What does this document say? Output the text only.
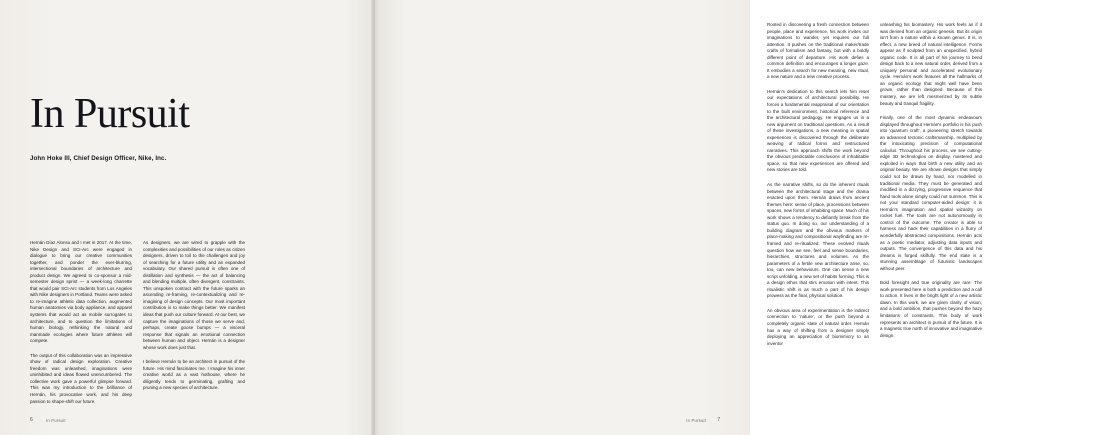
In Pursuit
John Hoke III, Chief Design Officer, Nike, Inc.

Hernán Díaz Alonso and I met in 2017. At the time, Nike Design and SCI-Arc were engaged in dialogue to bring our creative communities together, and ponder the ever-blurring, intersectional boundaries of architecture and product design. We agreed to co-sponsor a mid-semester design sprint — a week-long charrette that would pair SCI-Arc students from Los Angeles with Nike designers in Portland. Teams were asked to re-imagine athletic data collection, augmented human anatomies via body appliance, and apparel systems that would act as mobile surrogates to architecture, and to question the limitations of human biology, rethinking the natural and manmade ecologies where future athletes will compete.

The output of this collaboration was an impressive show of radical design exploration. Creative freedom was unleashed, imaginations were uninhibited and ideas flowed unencumbered. The collective work gave a powerful glimpse forward. This was my introduction to the brilliance of Hernán, his provocative work, and his deep passion to shape-shift our future.

As designers, we are wired to grapple with the complexities and possibilities of our roles as citizen designers, driven to toil to the challenges and joy of searching for a future utility and an expanded vocabulary. Our shared pursuit is often one of distillation and synthesis — the act of balancing and blending multiple, often divergent, constraints. This unspoken contract with the future sparks an ascending re-framing, re-contextualizing and re-imagining of design concepts. Our most important contribution is to make things better. We manifest ideas that push our culture forward. At our best, we capture the imaginations of those we serve and, perhaps, create goose bumps — a visceral response that signals an emotional connection between human and object. Hernán is a designer whose work does just that.

I believe Hernán to be an architect in pursuit of the future. His mind fascinates me. I imagine his inner creative world as a vast hothouse, where he diligently tends to germinating, grafting and pruning a new species of architecture.

6	In Pursuit

Rooted in discovering a fresh connection between people, place and experience, his work invites our imaginations to wander, yet requires our full attention. It pushes on the traditional maker/trade crafts of formalism and fantasy, but with a boldly different point of departure. His work defies a common definition and encourages a longer gaze. It embodies a search for new meaning, new ritual, a new nature and a new creative process.

Hernán's dedication to this search lets him reset our expectations of architectural possibility. He forces a fundamental reappraisal of our orientation to the built environment, historical reference and the architectural pedagogy. He engages us in a new argument on traditional questions. As a result of these investigations, a new meaning in spatial experiences is discovered through the deliberate weaving of radical forms and restructured narratives. This approach shifts the work beyond the obvious predictable conclusions of inhabitable space, so that new experiences are offered and new stories are told.

As the narrative shifts, so do the inherent rituals between the architectural stage and the drama enacted upon them. Hernán draws from ancient themes here: sense of place, processions between spaces, new forms of inhabiting space. Much of his work shows a tendency to defiantly break from the status quo. In doing so, our understanding of a building diagram and the obvious markers of place-making and compositional wayfinding are re-framed and re-ritualized. These evolved rituals question how we see, feel and sense boundaries, hierarchies, structures and volumes. As the parameters of a fertile new architecture arise, so, too, can new behaviours. One can sense a new script unfolding, a new set of habits forming. This is a design ethos that stirs emotion with intent. This ritualistic shift is as much a part of his design prowess as the final, physical solution.

An obvious area of experimentation is the indirect connection to 'nature', or the push beyond a completely organic state of natural order. Hernán has a way of shifting from a designer simply deploying an appreciation of biomimicry to an inventor

unleashing his biomastery. His work feels as if it was derived from an organic genesis. But its origin isn't from a nature within a known genus. It is, in effect, a new breed of natural intelligence. Forms appear as if sculpted from an unspecified, hybrid organic code. It is all part of his journey to bend design back to a new natural order, derived from a uniquely personal and accelerated evolutionary cycle. Hernán's work features all the hallmarks of an organic ecology that might well have been grown, rather than designed. Because of this mastery, we are left mesmerized by its subtle beauty and tranquil fragility.

Finally, one of the most dynamic endeavours displayed throughout Hernán's portfolio is his push into 'quantum craft', a pioneering stretch towards an advanced tectonic craftsmanship, multiplied by the intoxicating precision of computational calculus. Throughout his process, we see cutting-edge 3D technologies on display, mastered and exploited in ways that birth a new utility and an original beauty. We are shown designs that simply could not be drawn by hand, nor modelled in traditional media. They must be generated and modified in a dizzying, progressive sequence that hand tools alone simply could not summon. This is not your standard computer-aided design: it is Hernán's imagination and spatial wizardry on rocket fuel. The tools are not autonomously in control of the outcome. The creator is able to harness and hack their capabilities in a flurry of wonderfully abstracted compositions. Hernán acts as a poetic mediator, adjusting data inputs and outputs. The convergence of this data and his dreams is forged skilfully. The end state is a stunning assemblage of futuristic landscapes without peer.

Bold foresight and true originality are rare. The work presented here is both a prediction and a call to action. It lives in the bright light of a new artistic dawn. In this work, we are given clarity of vision, and a bold ambition, that pushes beyond the hazy limitations of constraints. This body of work represents an architect in pursuit of the future. It is a magnetic true north of innovative and imaginative design.

7
In Pursuit
